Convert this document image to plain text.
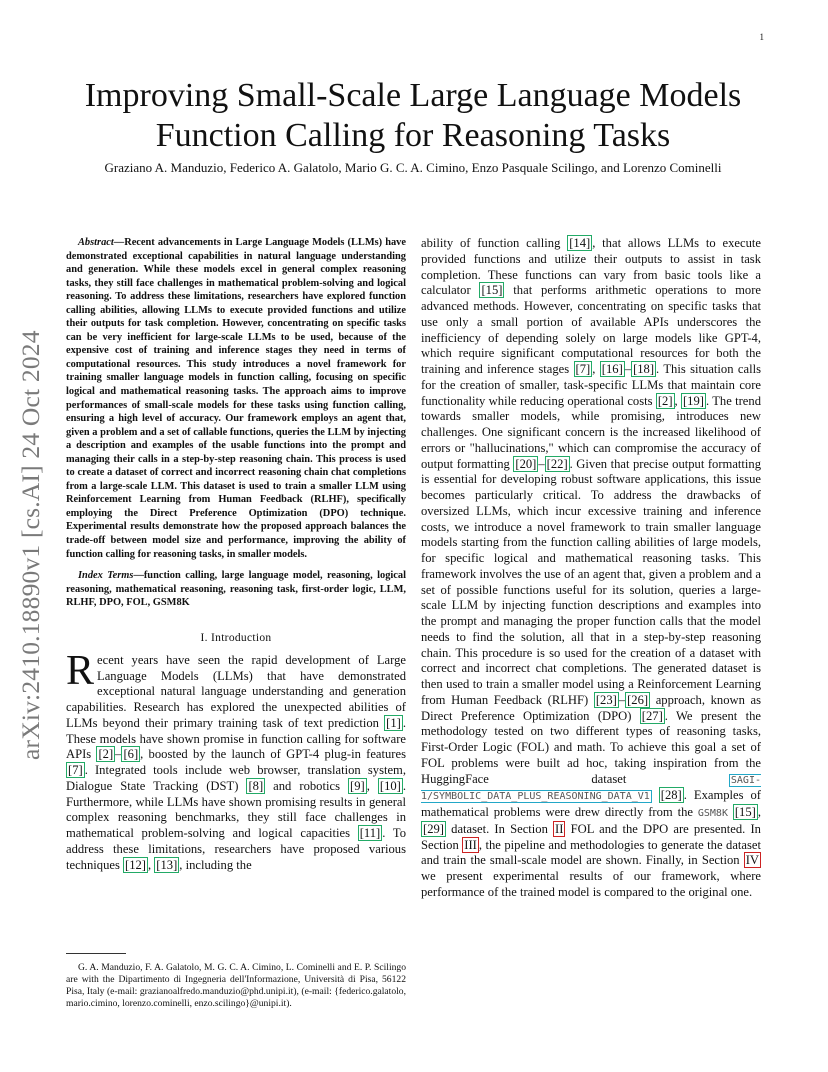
1
arXiv:2410.18890v1 [cs.AI] 24 Oct 2024
Improving Small-Scale Large Language Models Function Calling for Reasoning Tasks
Graziano A. Manduzio, Federico A. Galatolo, Mario G. C. A. Cimino, Enzo Pasquale Scilingo, and Lorenzo Cominelli

Abstract—Recent advancements in Large Language Models (LLMs) have demonstrated exceptional capabilities in natural language understanding and generation. While these models excel in general complex reasoning tasks, they still face challenges in mathematical problem-solving and logical reasoning. To address these limitations, researchers have explored function calling abilities, allowing LLMs to execute provided functions and utilize their outputs for task completion. However, concentrating on specific tasks can be very inefficient for large-scale LLMs to be used, because of the expensive cost of training and inference stages they need in terms of computational resources. This study introduces a novel framework for training smaller language models in function calling, focusing on specific logical and mathematical reasoning tasks. The approach aims to improve performances of small-scale models for these tasks using function calling, ensuring a high level of accuracy. Our framework employs an agent that, given a problem and a set of callable functions, queries the LLM by injecting a description and examples of the usable functions into the prompt and managing their calls in a step-by-step reasoning chain. This process is used to create a dataset of correct and incorrect reasoning chain chat completions from a large-scale LLM. This dataset is used to train a smaller LLM using Reinforcement Learning from Human Feedback (RLHF), specifically employing the Direct Preference Optimization (DPO) technique. Experimental results demonstrate how the proposed approach balances the trade-off between model size and performance, improving the ability of function calling for reasoning tasks, in smaller models.

Index Terms—function calling, large language model, reasoning, logical reasoning, mathematical reasoning, reasoning task, first-order logic, LLM, RLHF, DPO, FOL, GSM8K

I. Introduction

Recent years have seen the rapid development of Large Language Models (LLMs) that have demonstrated exceptional natural language understanding and generation capabilities. Research has explored the unexpected abilities of LLMs beyond their primary training task of text prediction [1] . These models have shown promise in function calling for software APIs [2] – [6] , boosted by the launch of GPT-4 plug-in features [7] . Integrated tools include web browser, translation system, Dialogue State Tracking (DST) [8] and robotics [9] , [10] . Furthermore, while LLMs have shown promising results in general complex reasoning benchmarks, they still face challenges in mathematical problem-solving and logical capacities [11] . To address these limitations, researchers have proposed various techniques [12] , [13] , including the

G. A. Manduzio, F. A. Galatolo, M. G. C. A. Cimino, L. Cominelli and E. P. Scilingo are with the Dipartimento di Ingegneria dell'Informazione, Università di Pisa, 56122 Pisa, Italy (e-mail: grazianoalfredo.manduzio@phd.unipi.it), (e-mail: {federico.galatolo, mario.cimino, lorenzo.cominelli, enzo.scilingo}@unipi.it).

ability of function calling [14] , that allows LLMs to execute provided functions and utilize their outputs to assist in task completion. These functions can vary from basic tools like a calculator [15] that performs arithmetic operations to more advanced methods. However, concentrating on specific tasks that use only a small portion of available APIs underscores the inefficiency of depending solely on large models like GPT-4, which require significant computational resources for both the training and inference stages [7] , [16] – [18] . This situation calls for the creation of smaller, task-specific LLMs that maintain core functionality while reducing operational costs [2] , [19] . The trend towards smaller models, while promising, introduces new challenges. One significant concern is the increased likelihood of errors or "hallucinations," which can compromise the accuracy of output formatting [20] – [22] . Given that precise output formatting is essential for developing robust software applications, this issue becomes particularly critical. To address the drawbacks of oversized LLMs, which incur excessive training and inference costs, we introduce a novel framework to train smaller language models starting from the function calling abilities of large models, for specific logical and mathematical reasoning tasks. This framework involves the use of an agent that, given a problem and a set of possible functions useful for its solution, queries a large-scale LLM by injecting function descriptions and examples into the prompt and managing the proper function calls that the model needs to find the solution, all that in a step-by-step reasoning chain. This procedure is so used for the creation of a dataset with correct and incorrect chat completions. The generated dataset is then used to train a smaller model using a Reinforcement Learning from Human Feedback (RLHF) [23] – [26] approach, known as Direct Preference Optimization (DPO) [27] . We present the methodology tested on two different types of reasoning tasks, First-Order Logic (FOL) and math. To achieve this goal a set of FOL problems were built ad hoc, taking inspiration from the HuggingFace dataset SAGI-1/SYMBOLIC_DATA_PLUS_REASONING_DATA_V1 [28] . Examples of mathematical problems were drew directly from the GSM8K [15] , [29] dataset. In Section II FOL and the DPO are presented. In Section III , the pipeline and methodologies to generate the dataset and train the small-scale model are shown. Finally, in Section IV we present experimental results of our framework, where performance of the trained model is compared to the original one.
